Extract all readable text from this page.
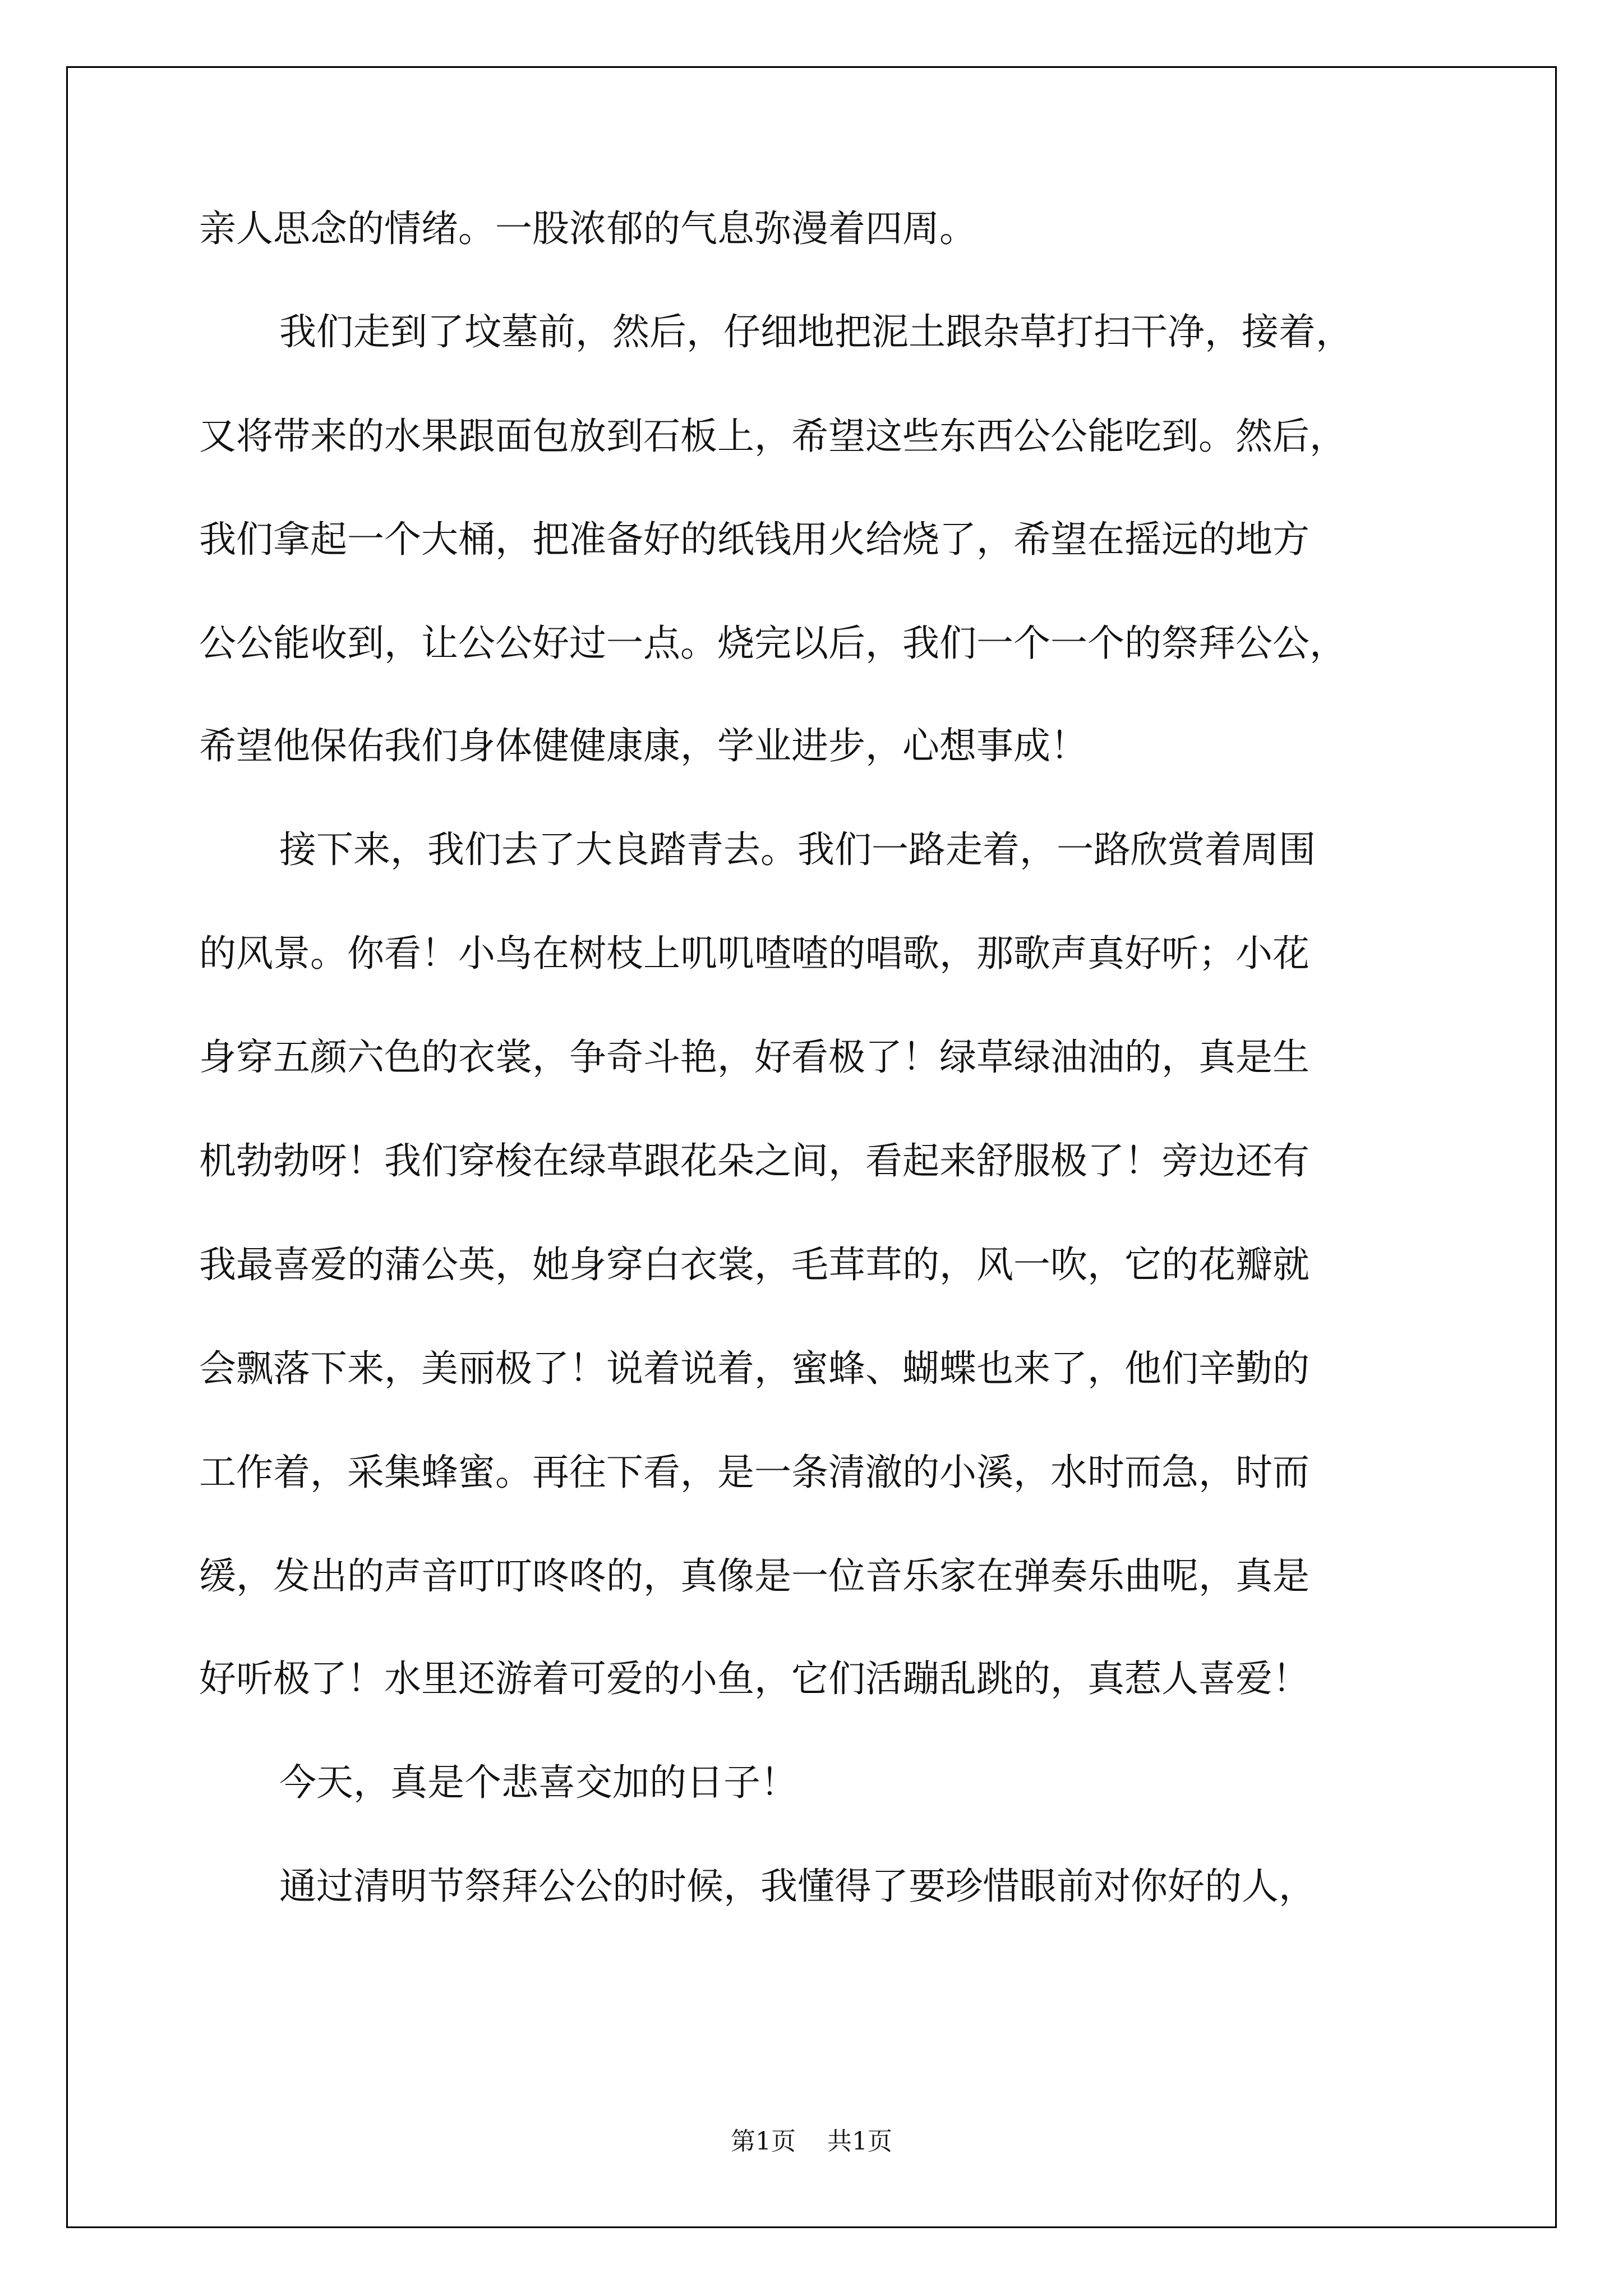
亲人思念的情绪。一股浓郁的气息弥漫着四周。
我们走到了坟墓前，然后，仔细地把泥土跟杂草打扫干净，接着，
又将带来的水果跟面包放到石板上，希望这些东西公公能吃到。然后，
我们拿起一个大桶，把准备好的纸钱用火给烧了，希望在摇远的地方
公公能收到，让公公好过一点。烧完以后，我们一个一个的祭拜公公，
希望他保佑我们身体健健康康，学业进步，心想事成！
接下来，我们去了大良踏青去。我们一路走着，一路欣赏着周围
的风景。你看！小鸟在树枝上叽叽喳喳的唱歌，那歌声真好听；小花
身穿五颜六色的衣裳，争奇斗艳，好看极了！绿草绿油油的，真是生
机勃勃呀！我们穿梭在绿草跟花朵之间，看起来舒服极了！旁边还有
我最喜爱的蒲公英，她身穿白衣裳，毛茸茸的，风一吹，它的花瓣就
会飘落下来，美丽极了！说着说着，蜜蜂、蝴蝶也来了，他们辛勤的
工作着，采集蜂蜜。再往下看，是一条清澈的小溪，水时而急，时而
缓，发出的声音叮叮咚咚的，真像是一位音乐家在弹奏乐曲呢，真是
好听极了！水里还游着可爱的小鱼，它们活蹦乱跳的，真惹人喜爱！
今天，真是个悲喜交加的日子！
通过清明节祭拜公公的时候，我懂得了要珍惜眼前对你好的人，
第1页 共1页
